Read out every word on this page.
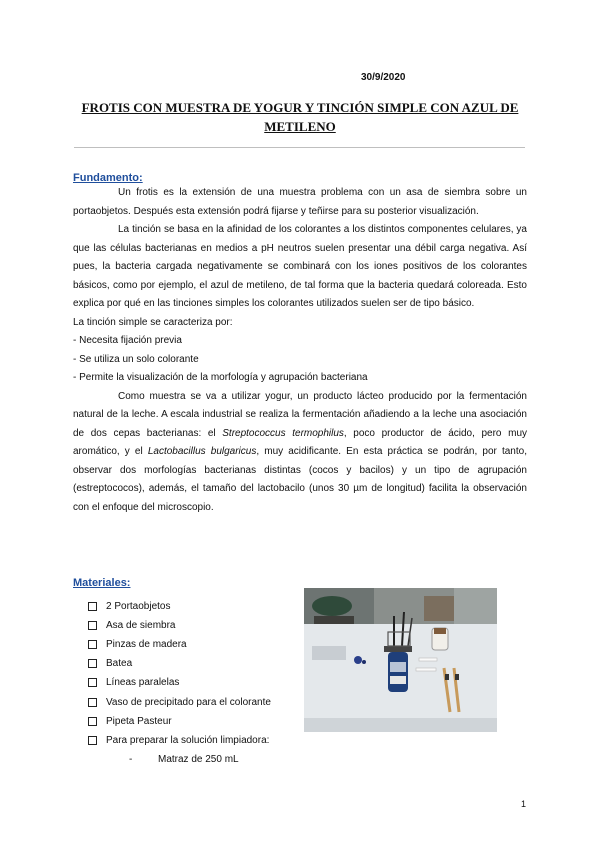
30/9/2020
FROTIS CON MUESTRA DE YOGUR Y TINCIÓN SIMPLE CON AZUL DE METILENO
Fundamento:

Un frotis es la extensión de una muestra problema con un asa de siembra sobre un portaobjetos. Después esta extensión podrá fijarse y teñirse para su posterior visualización.

La tinción se basa en la afinidad de los colorantes a los distintos componentes celulares, ya que las células bacterianas en medios a pH neutros suelen presentar una débil carga negativa. Así pues, la bacteria cargada negativamente se combinará con los iones positivos de los colorantes básicos, como por ejemplo, el azul de metileno, de tal forma que la bacteria quedará coloreada. Esto explica por qué en las tinciones simples los colorantes utilizados suelen ser de tipo básico.

La tinción simple se caracteriza por:

- Necesita fijación previa

- Se utiliza un solo colorante

- Permite la visualización de la morfología y agrupación bacteriana

Como muestra se va a utilizar yogur, un producto lácteo producido por la fermentación natural de la leche. A escala industrial se realiza la fermentación añadiendo a la leche una asociación de dos cepas bacterianas: el Streptococcus termophilus, poco productor de ácido, pero muy aromático, y el Lactobacillus bulgaricus, muy acidificante. En esta práctica se podrán, por tanto, observar dos morfologías bacterianas distintas (cocos y bacilos) y un tipo de agrupación (estreptococos), además, el tamaño del lactobacilo (unos 30 µm de longitud) facilita la observación con el enfoque del microscopio.

Materiales:
2 Portaobjetos
Asa de siembra
Pinzas de madera
Batea
Líneas paralelas
Vaso de precipitado para el colorante
Pipeta Pasteur
Para preparar la solución limpiadora:
-	Matraz de 250 mL
1
